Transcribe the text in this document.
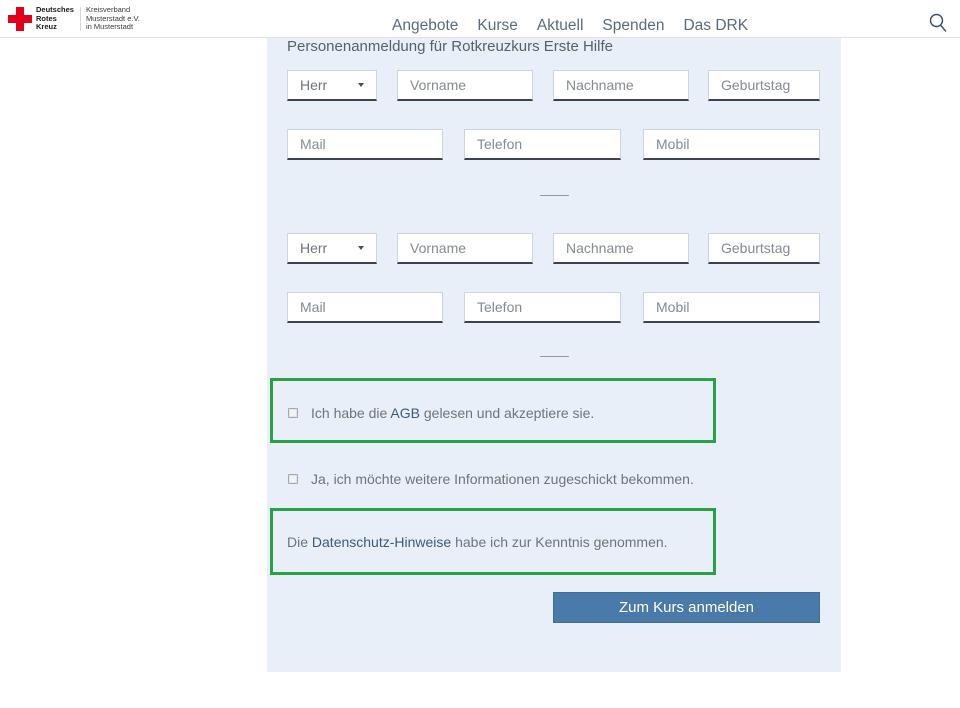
Deutsches
Rotes
Kreuz
Kreisverband
Musterstadt e.V.
in Musterstadt	Angebote Kurse Aktuell Spenden Das DRK
Personenanmeldung für Rotkreuzkurs Erste Hilfe
Herr
Vorname
Nachname
Geburtstag
Mail
Telefon
Mobil
Herr
Vorname
Nachname
Geburtstag
Mail
Telefon
Mobil
Ich habe die AGB gelesen und akzeptiere sie.
Ja, ich möchte weitere Informationen zugeschickt bekommen.
Die Datenschutz-Hinweise habe ich zur Kenntnis genommen.
Zum Kurs anmelden
